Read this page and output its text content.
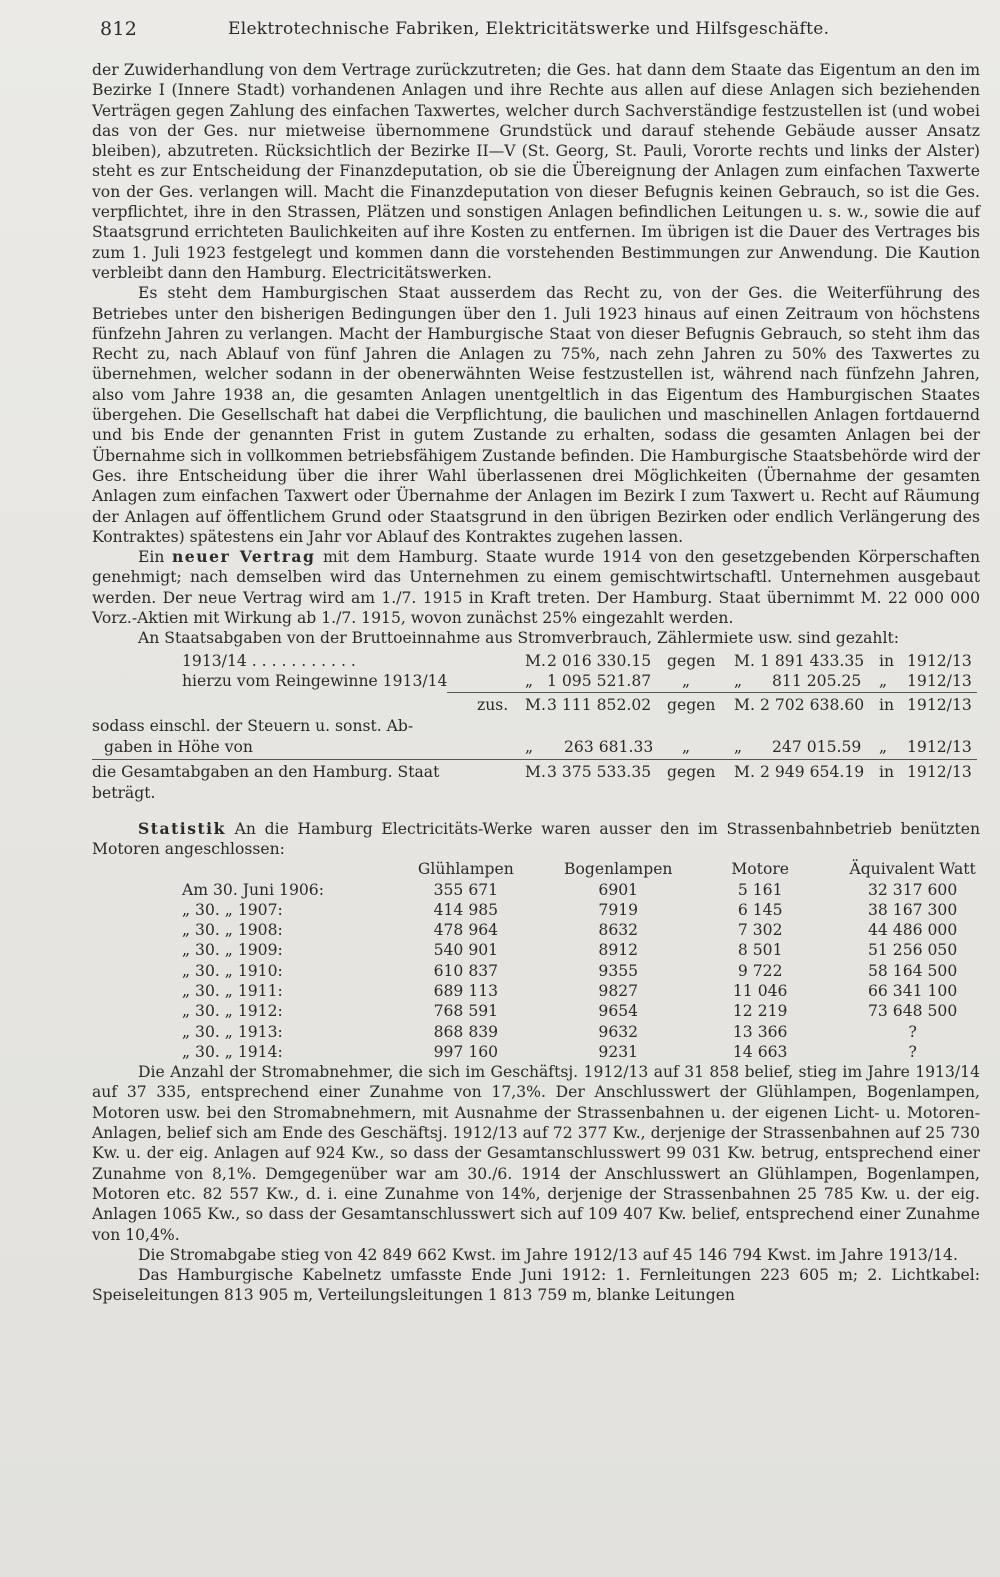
812	Elektrotechnische Fabriken, Elektricitätswerke und Hilfsgeschäfte.

der Zuwiderhandlung von dem Vertrage zurückzutreten; die Ges. hat dann dem Staate das Eigentum an den im Bezirke I (Innere Stadt) vorhandenen Anlagen und ihre Rechte aus allen auf diese Anlagen sich beziehenden Verträgen gegen Zahlung des einfachen Taxwertes, welcher durch Sachverständige festzustellen ist (und wobei das von der Ges. nur mietweise übernommene Grundstück und darauf stehende Gebäude ausser Ansatz bleiben), abzutreten. Rücksichtlich der Bezirke II—V (St. Georg, St. Pauli, Vororte rechts und links der Alster) steht es zur Entscheidung der Finanzdeputation, ob sie die Übereignung der Anlagen zum einfachen Taxwerte von der Ges. verlangen will. Macht die Finanzdeputation von dieser Befugnis keinen Gebrauch, so ist die Ges. verpflichtet, ihre in den Strassen, Plätzen und sonstigen Anlagen befindlichen Leitungen u. s. w., sowie die auf Staatsgrund errichteten Baulichkeiten auf ihre Kosten zu entfernen. Im übrigen ist die Dauer des Vertrages bis zum 1. Juli 1923 festgelegt und kommen dann die vorstehenden Bestimmungen zur Anwendung. Die Kaution verbleibt dann den Hamburg. Electricitätswerken.

Es steht dem Hamburgischen Staat ausserdem das Recht zu, von der Ges. die Weiterführung des Betriebes unter den bisherigen Bedingungen über den 1. Juli 1923 hinaus auf einen Zeitraum von höchstens fünfzehn Jahren zu verlangen. Macht der Hamburgische Staat von dieser Befugnis Gebrauch, so steht ihm das Recht zu, nach Ablauf von fünf Jahren die Anlagen zu 75%, nach zehn Jahren zu 50% des Taxwertes zu übernehmen, welcher sodann in der obenerwähnten Weise festzustellen ist, während nach fünfzehn Jahren, also vom Jahre 1938 an, die gesamten Anlagen unentgeltlich in das Eigentum des Hamburgischen Staates übergehen. Die Gesellschaft hat dabei die Verpflichtung, die baulichen und maschinellen Anlagen fortdauernd und bis Ende der genannten Frist in gutem Zustande zu erhalten, sodass die gesamten Anlagen bei der Übernahme sich in vollkommen betriebsfähigem Zustande befinden. Die Hamburgische Staatsbehörde wird der Ges. ihre Entscheidung über die ihrer Wahl überlassenen drei Möglichkeiten (Übernahme der gesamten Anlagen zum einfachen Taxwert oder Übernahme der Anlagen im Bezirk I zum Taxwert u. Recht auf Räumung der Anlagen auf öffentlichem Grund oder Staatsgrund in den übrigen Bezirken oder endlich Verlängerung des Kontraktes) spätestens ein Jahr vor Ablauf des Kontraktes zugehen lassen.

Ein neuer Vertrag mit dem Hamburg. Staate wurde 1914 von den gesetzgebenden Körperschaften genehmigt; nach demselben wird das Unternehmen zu einem gemischtwirtschaftl. Unternehmen ausgebaut werden. Der neue Vertrag wird am 1./7. 1915 in Kraft treten. Der Hamburg. Staat übernimmt M. 22 000 000 Vorz.-Aktien mit Wirkung ab 1./7. 1915, wovon zunächst 25% eingezahlt werden.

An Staatsabgaben von der Bruttoeinnahme aus Stromverbrauch, Zählermiete usw. sind gezahlt:

1913/14 . . . . . . . . . . .	M. 2 016 330.15 gegen M. 1 891 433.35 in 1912/13
hierzu vom Reingewinne 1913/14	„ 1 095 521.87 „	„ 811 205.25 „ 1912/13
zus. M. 3 111 852.02 gegen M. 2 702 638.60 in 1912/13
sodass einschl. der Steuern u. sonst. Ab-
gaben in Höhe von	„ 263 681.33 „	„ 247 015.59 „ 1912/13
die Gesamtabgaben an den Hamburg. Staat	M. 3 375 533.35 gegen M. 2 949 654.19 in 1912/13
beträgt.

Statistik An die Hamburg Electricitäts-Werke waren ausser den im Strassenbahnbetrieb benützten Motoren angeschlossen:

	Glühlampen	Bogenlampen	Motore	Äquivalent Watt
Am 30. Juni 1906:	355 671	6901	5 161	32 317 600
„ 30. „ 1907:	414 985	7919	6 145	38 167 300
„ 30. „ 1908:	478 964	8632	7 302	44 486 000
„ 30. „ 1909:	540 901	8912	8 501	51 256 050
„ 30. „ 1910:	610 837	9355	9 722	58 164 500
„ 30. „ 1911:	689 113	9827	11 046	66 341 100
„ 30. „ 1912:	768 591	9654	12 219	73 648 500
„ 30. „ 1913:	868 839	9632	13 366	?
„ 30. „ 1914:	997 160	9231	14 663	?

Die Anzahl der Stromabnehmer, die sich im Geschäftsj. 1912/13 auf 31 858 belief, stieg im Jahre 1913/14 auf 37 335, entsprechend einer Zunahme von 17,3%. Der Anschlusswert der Glühlampen, Bogenlampen, Motoren usw. bei den Stromabnehmern, mit Ausnahme der Strassenbahnen u. der eigenen Licht- u. Motoren-Anlagen, belief sich am Ende des Geschäftsj. 1912/13 auf 72 377 Kw., derjenige der Strassenbahnen auf 25 730 Kw. u. der eig. Anlagen auf 924 Kw., so dass der Gesamtanschlusswert 99 031 Kw. betrug, entsprechend einer Zunahme von 8,1%. Demgegenüber war am 30./6. 1914 der Anschlusswert an Glühlampen, Bogenlampen, Motoren etc. 82 557 Kw., d. i. eine Zunahme von 14%, derjenige der Strassenbahnen 25 785 Kw. u. der eig. Anlagen 1065 Kw., so dass der Gesamtanschlusswert sich auf 109 407 Kw. belief, entsprechend einer Zunahme von 10,4%.

Die Stromabgabe stieg von 42 849 662 Kwst. im Jahre 1912/13 auf 45 146 794 Kwst. im Jahre 1913/14.

Das Hamburgische Kabelnetz umfasste Ende Juni 1912: 1. Fernleitungen 223 605 m; 2. Lichtkabel: Speiseleitungen 813 905 m, Verteilungsleitungen 1 813 759 m, blanke Leitungen
